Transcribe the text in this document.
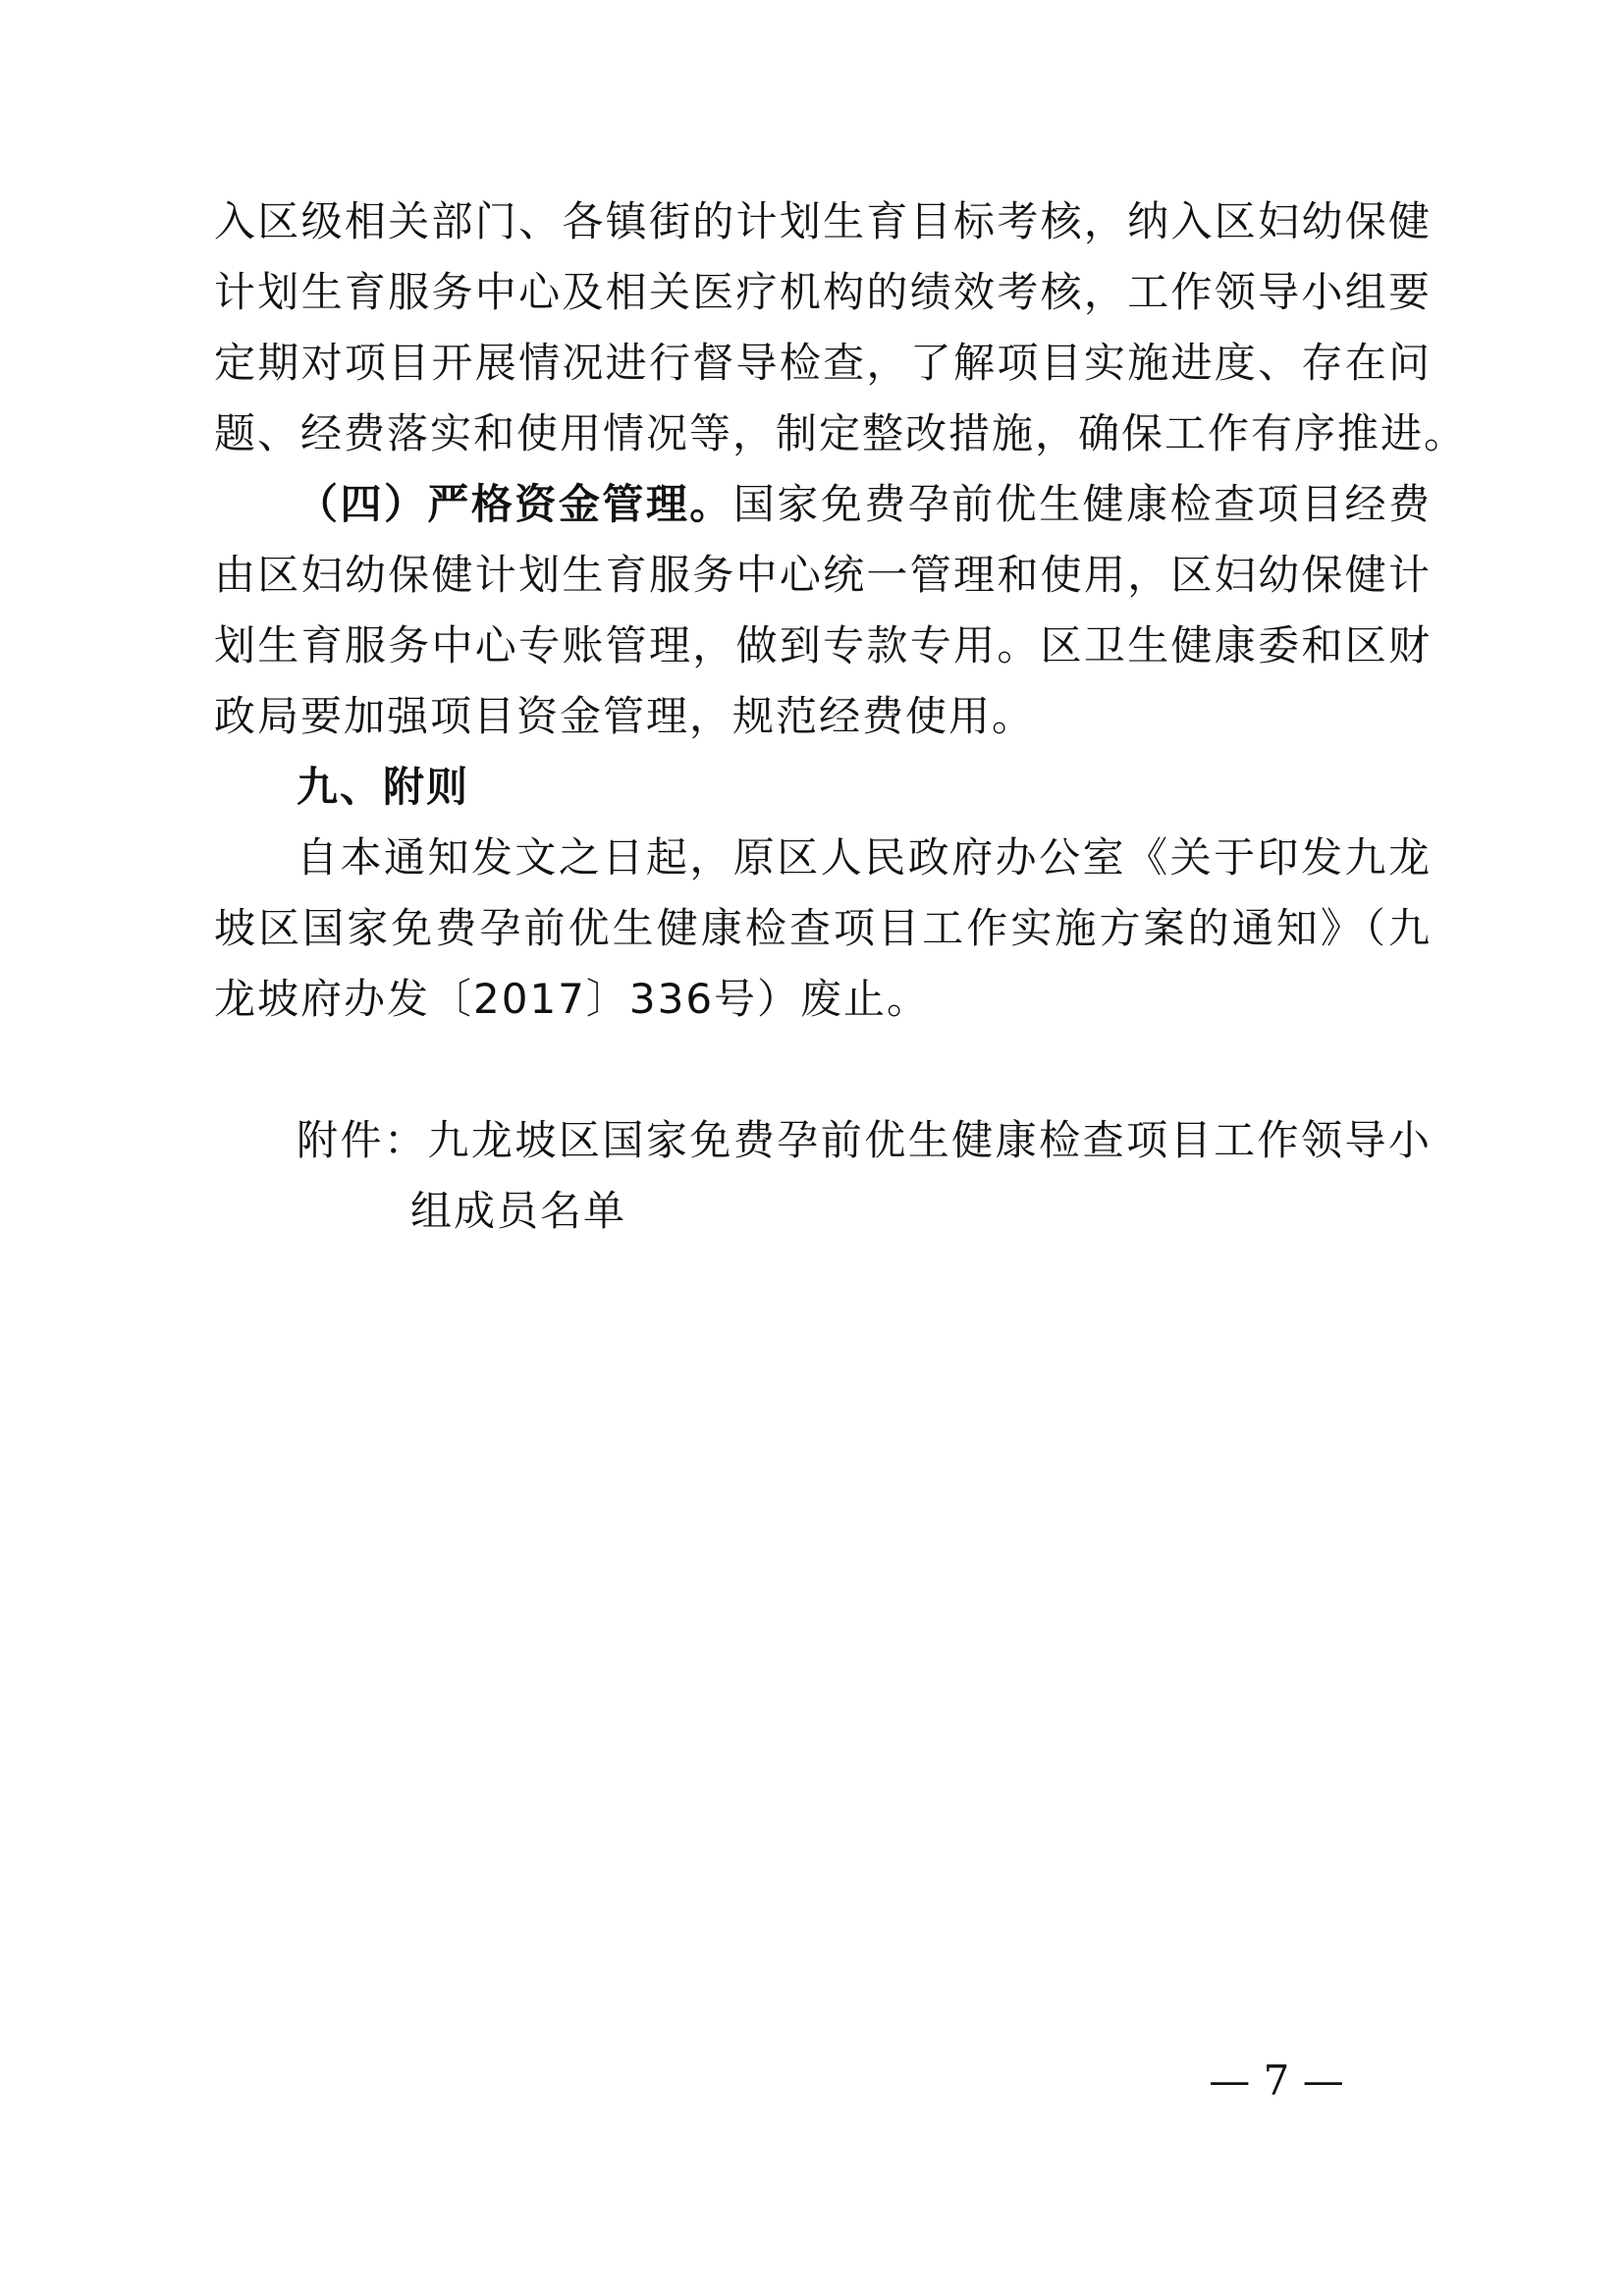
入区级相关部门、各镇街的计划生育目标考核，纳入区妇幼保健
计划生育服务中心及相关医疗机构的绩效考核，工作领导小组要
定期对项目开展情况进行督导检查，了解项目实施进度、存在问
题、经费落实和使用情况等，制定整改措施，确保工作有序推进。
（四）严格资金管理。国家免费孕前优生健康检查项目经费
由区妇幼保健计划生育服务中心统一管理和使用，区妇幼保健计
划生育服务中心专账管理，做到专款专用。区卫生健康委和区财
政局要加强项目资金管理，规范经费使用。
九、附则
自本通知发文之日起，原区人民政府办公室《关于印发九龙
坡区国家免费孕前优生健康检查项目工作实施方案的通知》（九
龙坡府办发〔2017〕336号）废止。
附件：九龙坡区国家免费孕前优生健康检查项目工作领导小
组成员名单
— 7 —
